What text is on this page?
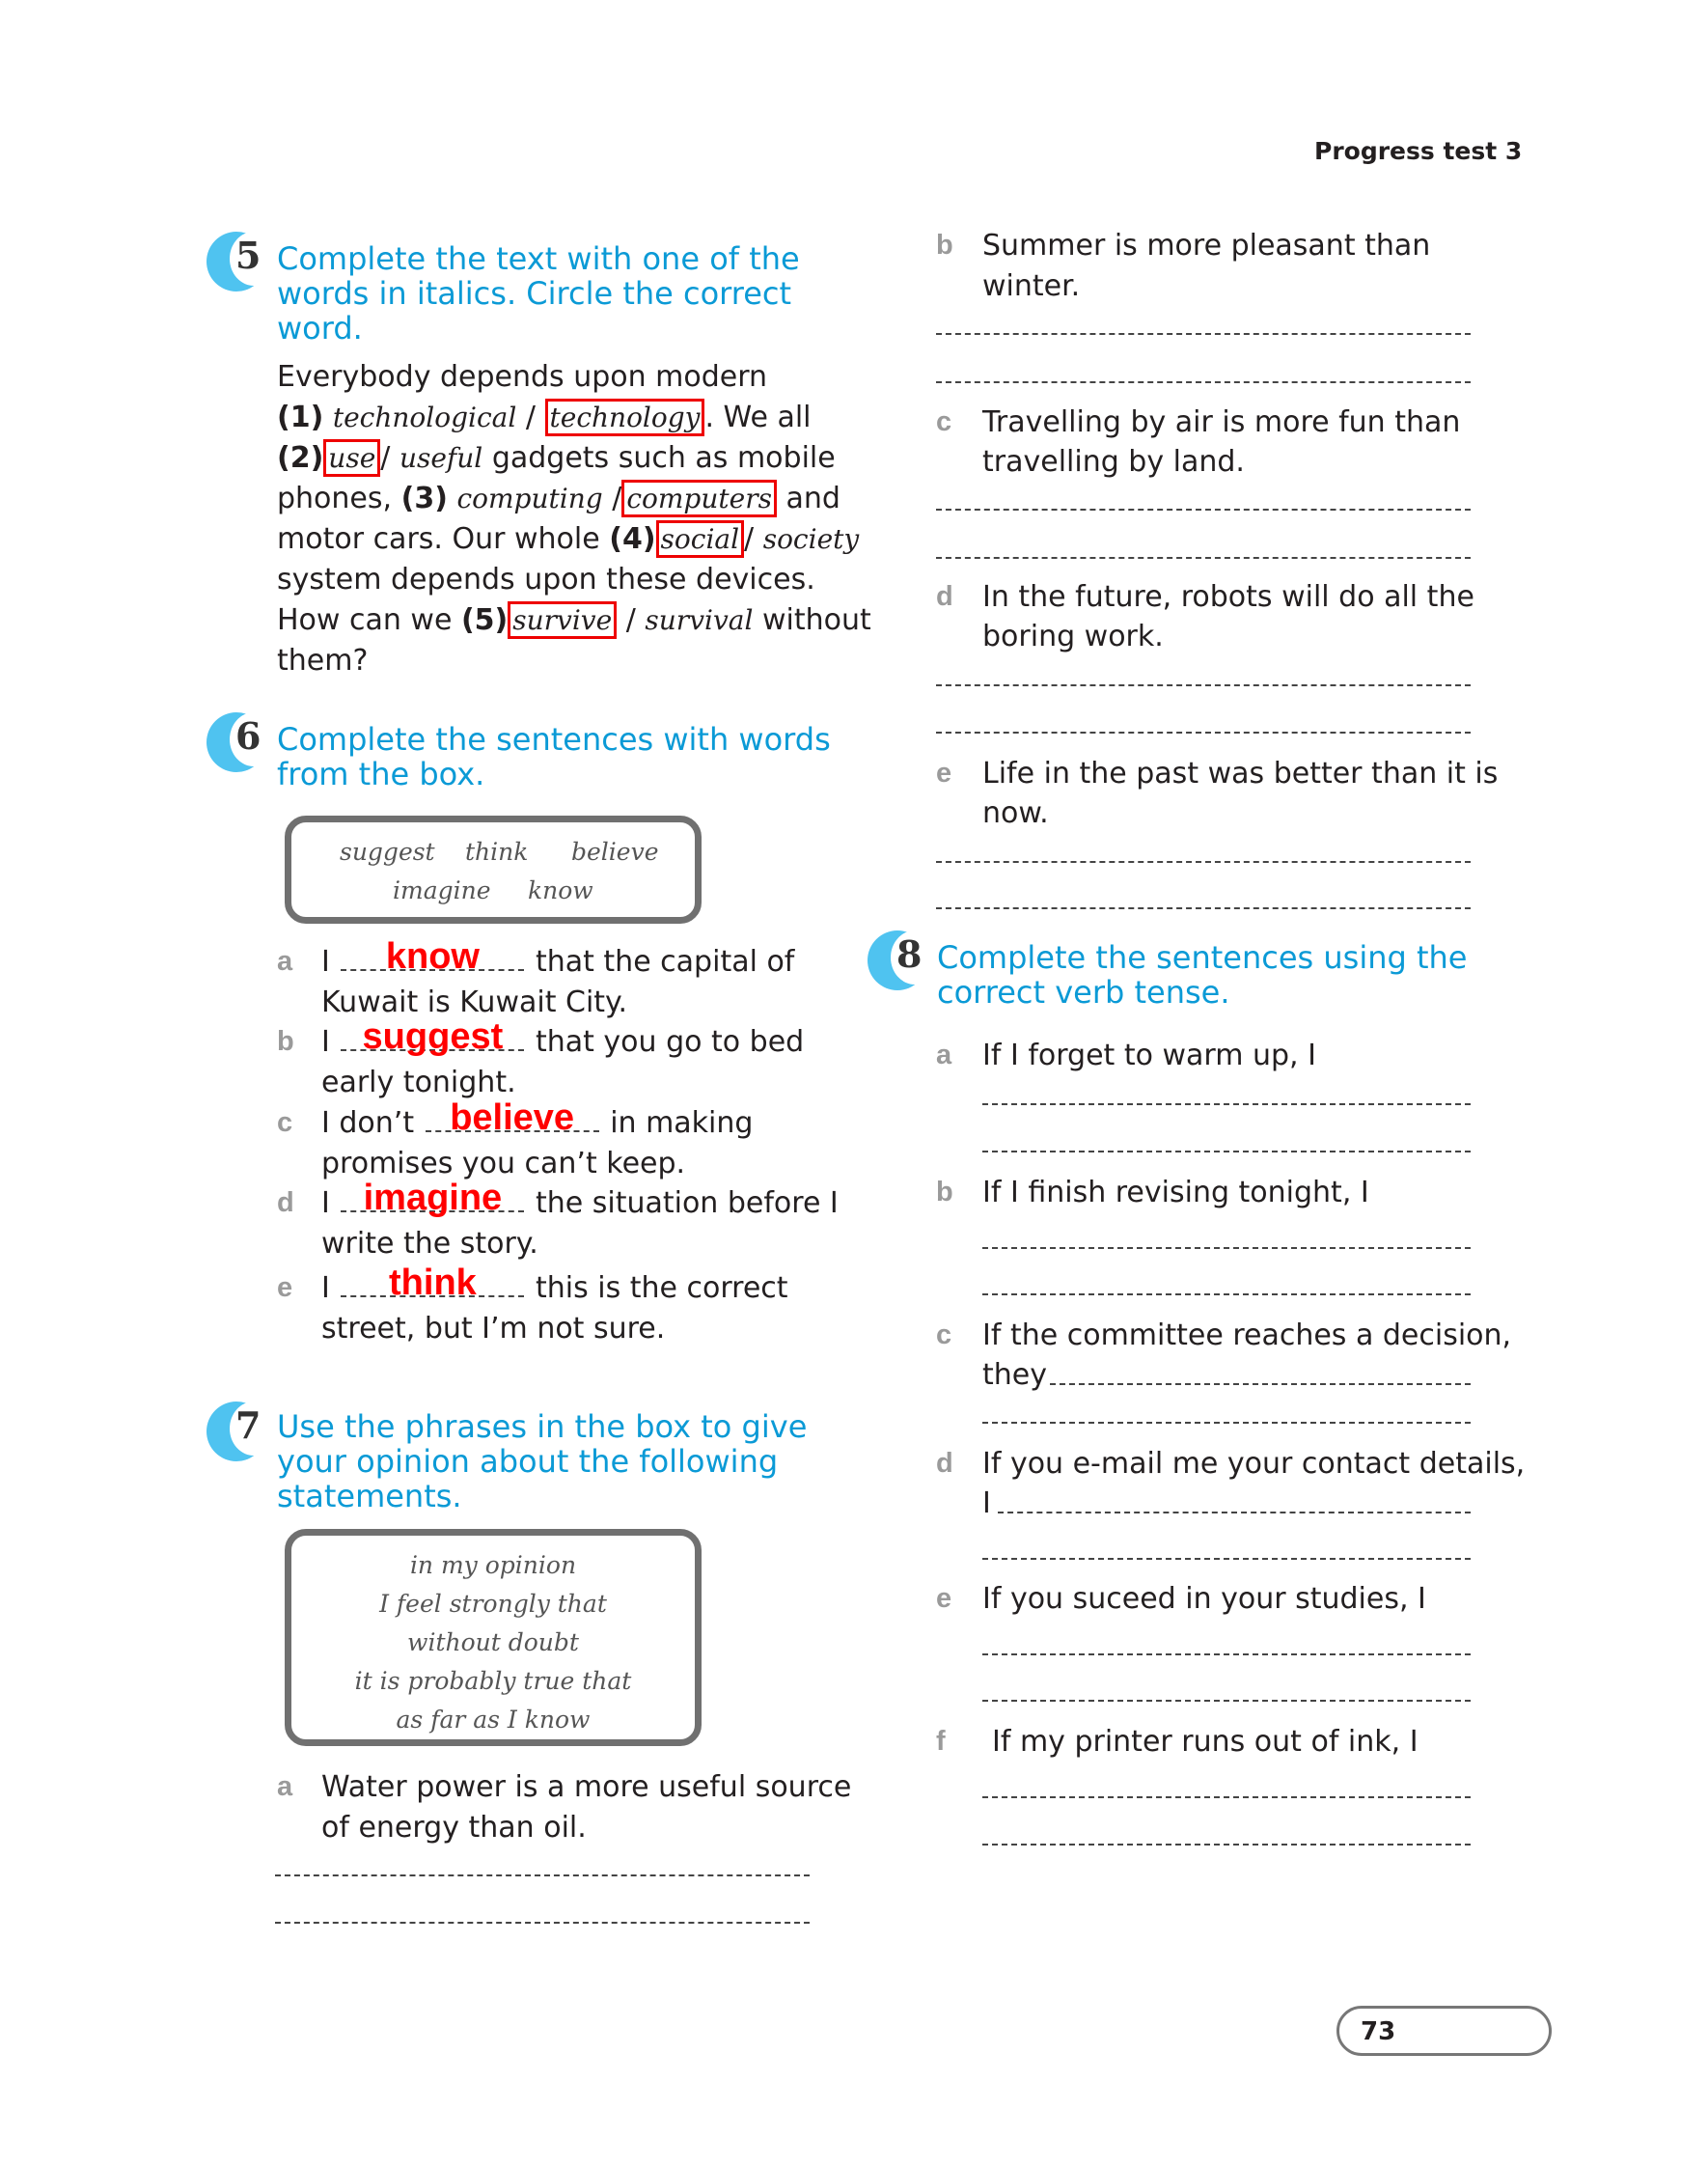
Progress test 3
5 Complete the text with one of the
words in italics. Circle the correct
word.
Everybody depends upon modern
(1) technological / technology . We all
(2) use / useful gadgets such as mobile
phones, (3) computing / computers and
motor cars. Our whole (4) social / society
system depends upon these devices.
How can we (5) survive / survival without
them?
6 Complete the sentences with words
from the box.
suggest think believe
imagine know
a I	know	that the capital of
Kuwait is Kuwait City.
b I suggest	that you go to bed
early tonight.
c I don’t believe	in making
promises you can’t keep.
d I imagine	the situation before I
write the story.
e I	think	this is the correct
street, but I’m not sure.
7 Use the phrases in the box to give
your opinion about the following
statements.
in my opinion
I feel strongly that
without doubt
it is probably true that
as far as I know
a Water power is a more useful source
of energy than oil.
b Summer is more pleasant than
winter.
c Travelling by air is more fun than
travelling by land.
d In the future, robots will do all the
boring work.
e Life in the past was better than it is
now.
8 Complete the sentences using the
correct verb tense.
a If I forget to warm up, I
b If I finish revising tonight, I
c If the committee reaches a decision,
they
d If you e-mail me your contact details,
I
e If you suceed in your studies, I
f If my printer runs out of ink, I
73
